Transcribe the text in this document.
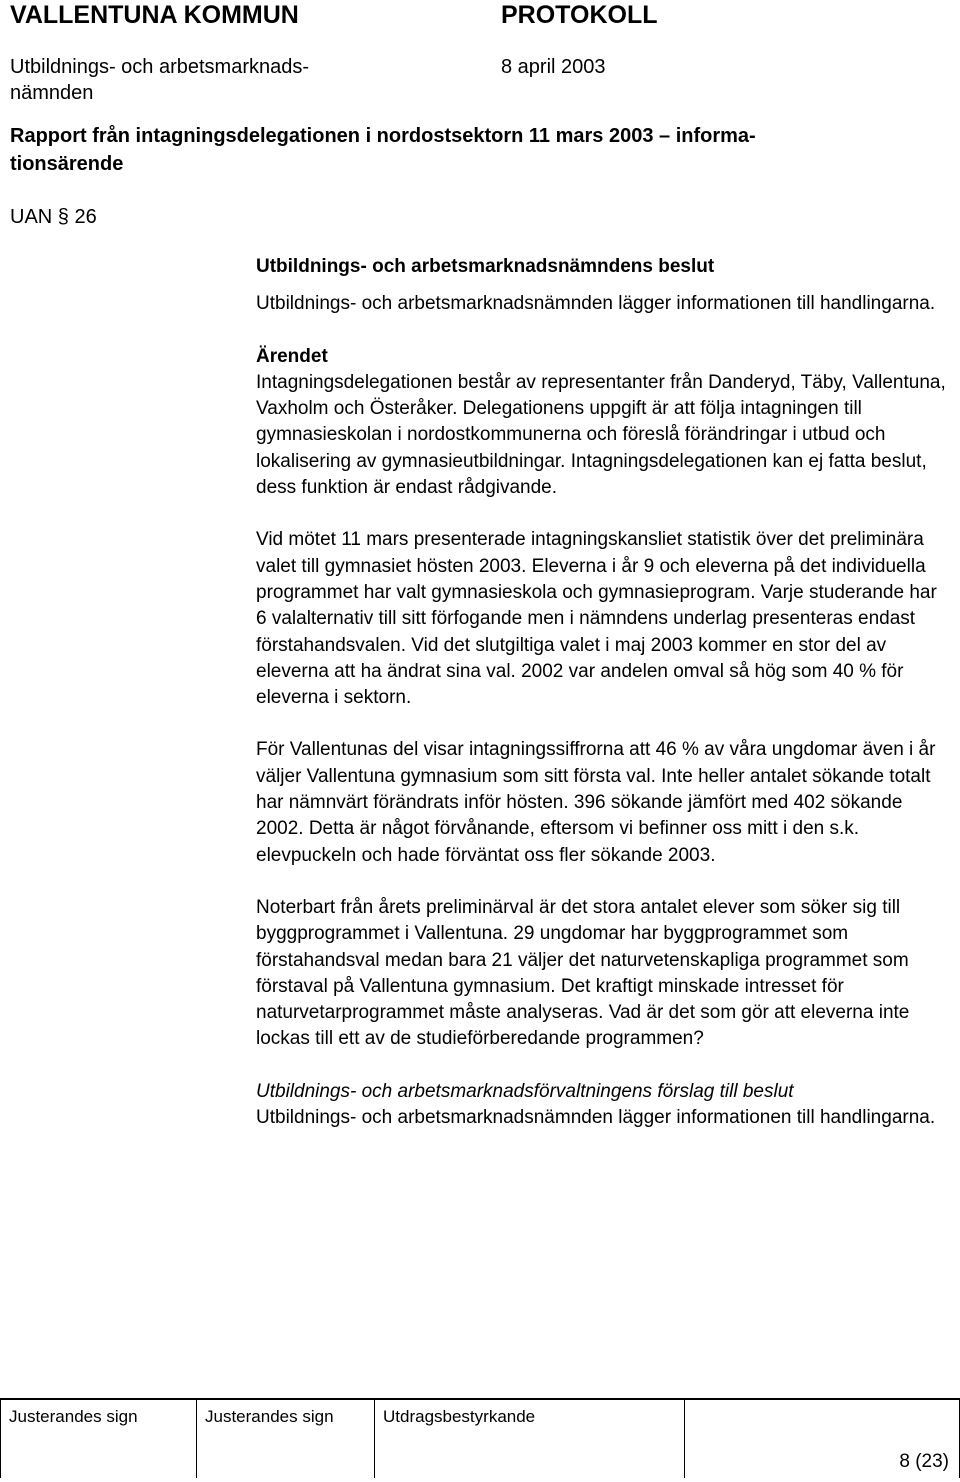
VALLENTUNA KOMMUN	PROTOKOLL
Utbildnings- och arbetsmarknads-
nämnden
8 april 2003
Rapport från intagningsdelegationen i nordostsektorn 11 mars 2003 – informa-
tionsärende
UAN § 26

Utbildnings- och arbetsmarknadsnämndens beslut

Utbildnings- och arbetsmarknadsnämnden lägger informationen till handlingarna.

Ärendet

Intagningsdelegationen består av representanter från Danderyd, Täby, Vallentuna, Vaxholm och Österåker. Delegationens uppgift är att följa intagningen till gymnasieskolan i nordostkommunerna och föreslå förändringar i utbud och lokalisering av gymnasieutbildningar. Intagningsdelegationen kan ej fatta beslut, dess funktion är endast rådgivande.

Vid mötet 11 mars presenterade intagningskansliet statistik över det preliminära valet till gymnasiet hösten 2003. Eleverna i år 9 och eleverna på det individuella programmet har valt gymnasieskola och gymnasieprogram. Varje studerande har 6 valalternativ till sitt förfogande men i nämndens underlag presenteras endast förstahandsvalen. Vid det slutgiltiga valet i maj 2003 kommer en stor del av eleverna att ha ändrat sina val. 2002 var andelen omval så hög som 40 % för eleverna i sektorn.

För Vallentunas del visar intagningssiffrorna att 46 % av våra ungdomar även i år väljer Vallentuna gymnasium som sitt första val. Inte heller antalet sökande totalt har nämnvärt förändrats inför hösten. 396 sökande jämfört med 402 sökande 2002. Detta är något förvånande, eftersom vi befinner oss mitt i den s.k. elevpuckeln och hade förväntat oss fler sökande 2003.

Noterbart från årets preliminärval är det stora antalet elever som söker sig till byggprogrammet i Vallentuna. 29 ungdomar har byggprogrammet som förstahandsval medan bara 21 väljer det naturvetenskapliga programmet som förstaval på Vallentuna gymnasium. Det kraftigt minskade intresset för naturvetarprogrammet måste analyseras. Vad är det som gör att eleverna inte lockas till ett av de studieförberedande programmen?

Utbildnings- och arbetsmarknadsförvaltningens förslag till beslut

Utbildnings- och arbetsmarknadsnämnden lägger informationen till handlingarna.

Justerandes sign	Justerandes sign	Utdragsbestyrkande
8 (23)
